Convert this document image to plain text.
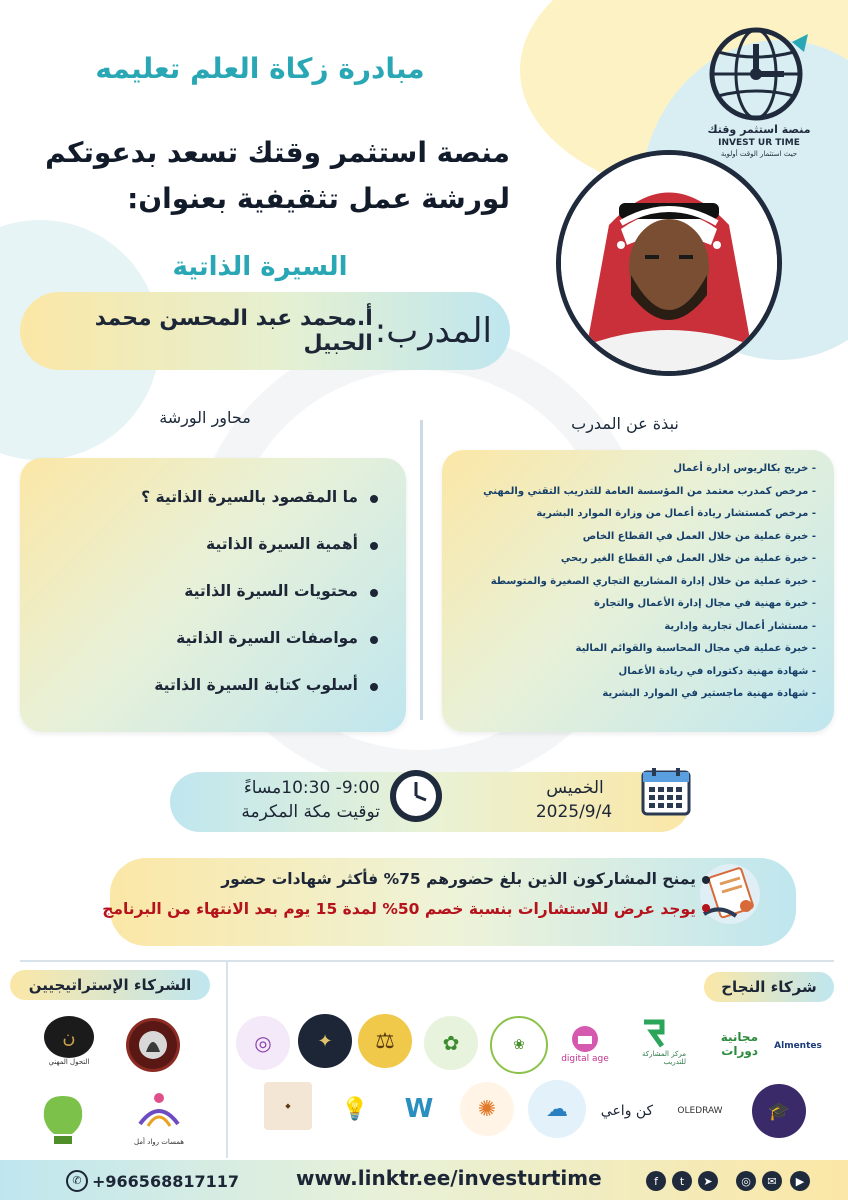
منصة استثمر وقتك
INVEST UR TIME
حيث استثمار الوقت أولوية
مبادرة زكاة العلم تعليمه
منصة استثمر وقتك تسعد بدعوتكم
لورشة عمل تثقيفية بعنوان:
السيرة الذاتية
المدرب:
أ.محمد عبد المحسن محمد الحبيل
محاور الورشة	نبذة عن المدرب
ما المقصود بالسيرة الذاتية ؟
أهمية السيرة الذاتية
محتويات السيرة الذاتية
مواصفات السيرة الذاتية
أسلوب كتابة السيرة الذاتية
- خريج بكالريوس إدارة أعمال
- مرخص كمدرب معتمد من المؤسسة العامة للتدريب التقني والمهني
- مرخص كمستشار ريادة أعمال من وزارة الموارد البشرية
- خبرة عملية من خلال العمل في القطاع الخاص
- خبرة عملية من خلال العمل في القطاع الغير ربحي
- خبرة عملية من خلال إدارة المشاريع التجاري الصغيرة والمتوسطة
- خبرة مهنية في مجال إدارة الأعمال والتجارة
- مستشار أعمال تجارية وإدارية
- خبرة عملية في مجال المحاسبة والقوائم المالية
- شهادة مهنية دكتوراه في ريادة الأعمال
- شهادة مهنية ماجستير في الموارد البشرية
الخميس
2025/9/4
9:00- 10:30مساءً
توقيت مكة المكرمة
يمنح المشاركون الذين بلغ حضورهم 75% فأكثر شهادات حضور
يوجد عرض للاستشارات بنسبة خصم 50% لمدة 15 يوم بعد الانتهاء من البرنامج
الشركاء الإستراتيجيين	شركاء النجاح
ن
التحول المهني
همسات رواد أمل
Almentes
مجانية دورات
مركز المشاركة للتدريب
digital age
❀
✿
⚖
✦
◎
🎓
OLEDRAW
كن واعي
☁
✺
W
💡
◆
✆ +966568817117	www.linktr.ee/investurtime	f	t	➤	◎	✉	▶
